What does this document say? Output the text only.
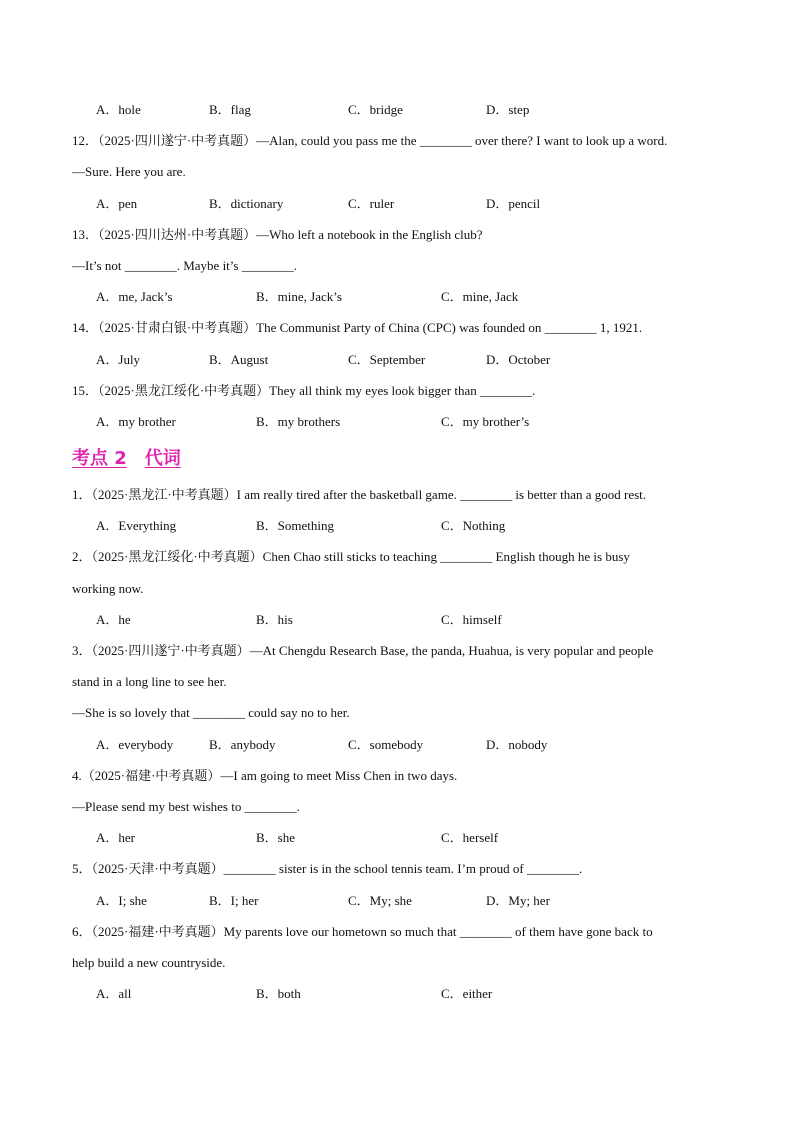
A．hole	B．flag	C．bridge	D．step
12．（2025·四川遂宁·中考真题）—Alan, could you pass me the ________ over there? I want to look up a word.
—Sure. Here you are.
A．pen	B．dictionary	C．ruler	D．pencil
13．（2025·四川达州·中考真题）—Who left a notebook in the English club?
—It’s not ________. Maybe it’s ________.
A．me, Jack’s	B．mine, Jack’s	C．mine, Jack
14．（2025·甘肃白银·中考真题）The Communist Party of China (CPC) was founded on ________ 1, 1921.
A．July	B．August	C．September	D．October
15．（2025·黑龙江绥化·中考真题）They all think my eyes look bigger than ________.
A．my brother	B．my brothers	C．my brother’s
考点 2 代词
1．（2025·黑龙江·中考真题）I am really tired after the basketball game. ________ is better than a good rest.
A．Everything	B．Something	C．Nothing
2．（2025·黑龙江绥化·中考真题）Chen Chao still sticks to teaching ________ English though he is busy
working now.
A．he	B．his	C．himself
3．（2025·四川遂宁·中考真题）—At Chengdu Research Base, the panda, Huahua, is very popular and people
stand in a long line to see her.
—She is so lovely that ________ could say no to her.
A．everybody	B．anybody	C．somebody	D．nobody
4.（2025·福建·中考真题）—I am going to meet Miss Chen in two days.
—Please send my best wishes to ________.
A．her	B．she	C．herself
5．（2025·天津·中考真题）________ sister is in the school tennis team. I’m proud of ________.
A．I; she	B．I; her	C．My; she	D．My; her
6．（2025·福建·中考真题）My parents love our hometown so much that ________ of them have gone back to
help build a new countryside.
A．all	B．both	C．either
